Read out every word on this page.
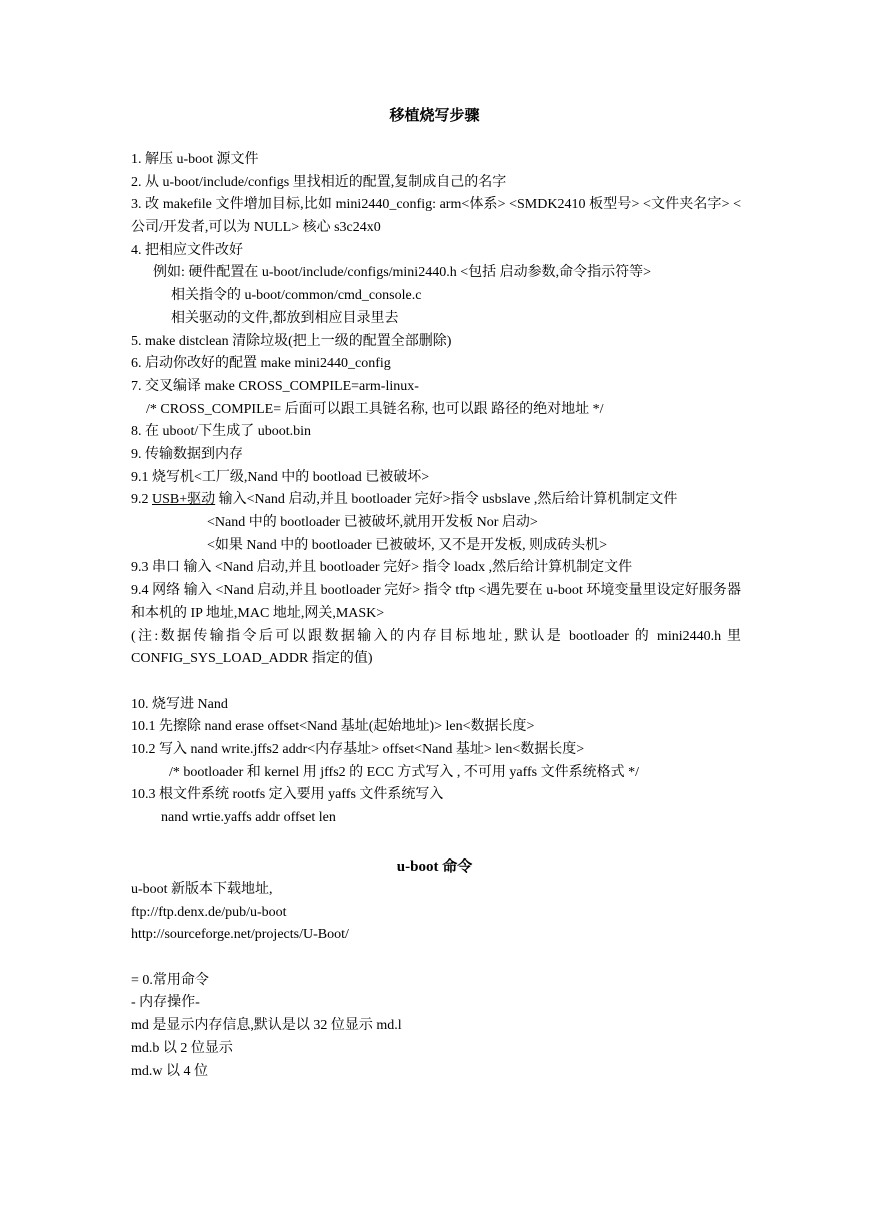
移植烧写步骤
1. 解压 u-boot 源文件
2. 从 u-boot/include/configs 里找相近的配置,复制成自己的名字
3. 改 makefile 文件增加目标,比如 mini2440_config: arm<体系> <SMDK2410 板型号> <文件夹名字> <公司/开发者,可以为 NULL> 核心 s3c24x0
4. 把相应文件改好
例如: 硬件配置在 u-boot/include/configs/mini2440.h <包括 启动参数,命令指示符等>
相关指令的 u-boot/common/cmd_console.c
相关驱动的文件,都放到相应目录里去
5. make distclean 清除垃圾(把上一级的配置全部删除)
6. 启动你改好的配置 make mini2440_config
7. 交叉编译 make CROSS_COMPILE=arm-linux-
/* CROSS_COMPILE= 后面可以跟工具链名称, 也可以跟 路径的绝对地址 */
8. 在 uboot/下生成了 uboot.bin
9. 传输数据到内存
9.1 烧写机<工厂级,Nand 中的 bootload 已被破坏>
9.2 USB+驱动 输入<Nand 启动,并且 bootloader 完好>指令 usbslave ,然后给计算机制定文件
<Nand 中的 bootloader 已被破坏,就用开发板 Nor 启动>
<如果 Nand 中的 bootloader 已被破坏, 又不是开发板, 则成砖头机>
9.3 串口 输入 <Nand 启动,并且 bootloader 完好> 指令 loadx ,然后给计算机制定文件
9.4 网络 输入 <Nand 启动,并且 bootloader 完好> 指令 tftp <遇先要在 u-boot 环境变量里设定好服务器和本机的 IP 地址,MAC 地址,网关,MASK>
(注:数据传输指令后可以跟数据输入的内存目标地址, 默认是 bootloader 的 mini2440.h 里 CONFIG_SYS_LOAD_ADDR 指定的值)
10. 烧写进 Nand
10.1 先擦除 nand erase offset<Nand 基址(起始地址)> len<数据长度>
10.2 写入 nand write.jffs2 addr<内存基址> offset<Nand 基址> len<数据长度>
/* bootloader 和 kernel 用 jffs2 的 ECC 方式写入 , 不可用 yaffs 文件系统格式 */
10.3 根文件系统 rootfs 定入要用 yaffs 文件系统写入
nand wrtie.yaffs addr offset len
u-boot 命令
u-boot 新版本下载地址,
ftp://ftp.denx.de/pub/u-boot
http://sourceforge.net/projects/U-Boot/
= 0.常用命令
- 内存操作-
md 是显示内存信息,默认是以 32 位显示 md.l
md.b 以 2 位显示
md.w 以 4 位
